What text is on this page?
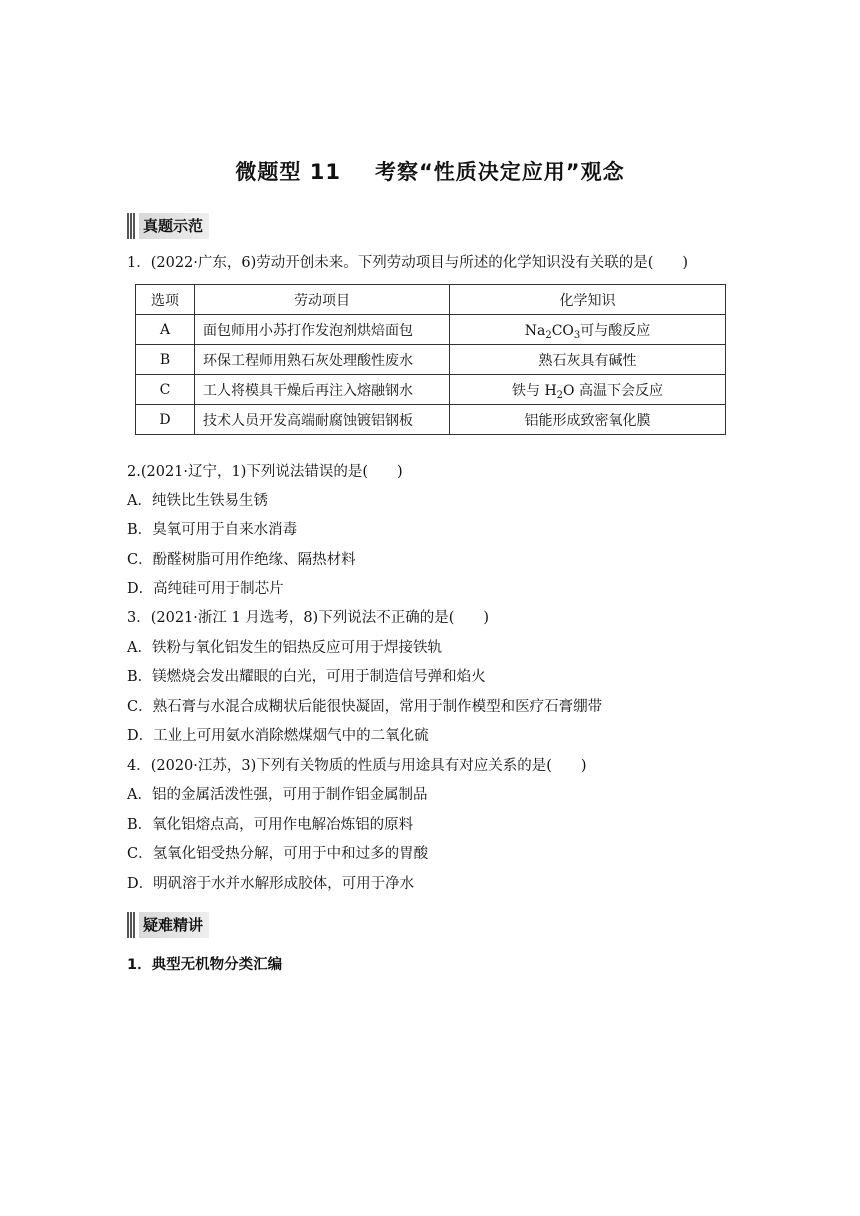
微题型 11 考察“性质决定应用”观念
真题示范
1．(2022·广东，6)劳动开创未来。下列劳动项目与所述的化学知识没有关联的是(　　)
选项	劳动项目	化学知识
A	面包师用小苏打作发泡剂烘焙面包	$Na_2CO_3$可与酸反应
B	环保工程师用熟石灰处理酸性废水	熟石灰具有碱性
C	工人将模具干燥后再注入熔融钢水	铁与 $H_2O$ 高温下会反应
D	技术人员开发高端耐腐蚀镀铝钢板	铝能形成致密氧化膜
2.(2021·辽宁，1)下列说法错误的是(　　)
A．纯铁比生铁易生锈
B．臭氧可用于自来水消毒
C．酚醛树脂可用作绝缘、隔热材料
D．高纯硅可用于制芯片
3．(2021·浙江 1 月选考，8)下列说法不正确的是(　　)
A．铁粉与氧化铝发生的铝热反应可用于焊接铁轨
B．镁燃烧会发出耀眼的白光，可用于制造信号弹和焰火
C．熟石膏与水混合成糊状后能很快凝固，常用于制作模型和医疗石膏绷带
D．工业上可用氨水消除燃煤烟气中的二氧化硫
4．(2020·江苏，3)下列有关物质的性质与用途具有对应关系的是(　　)
A．铝的金属活泼性强，可用于制作铝金属制品
B．氧化铝熔点高，可用作电解冶炼铝的原料
C．氢氧化铝受热分解，可用于中和过多的胃酸
D．明矾溶于水并水解形成胶体，可用于净水
疑难精讲
1．典型无机物分类汇编
